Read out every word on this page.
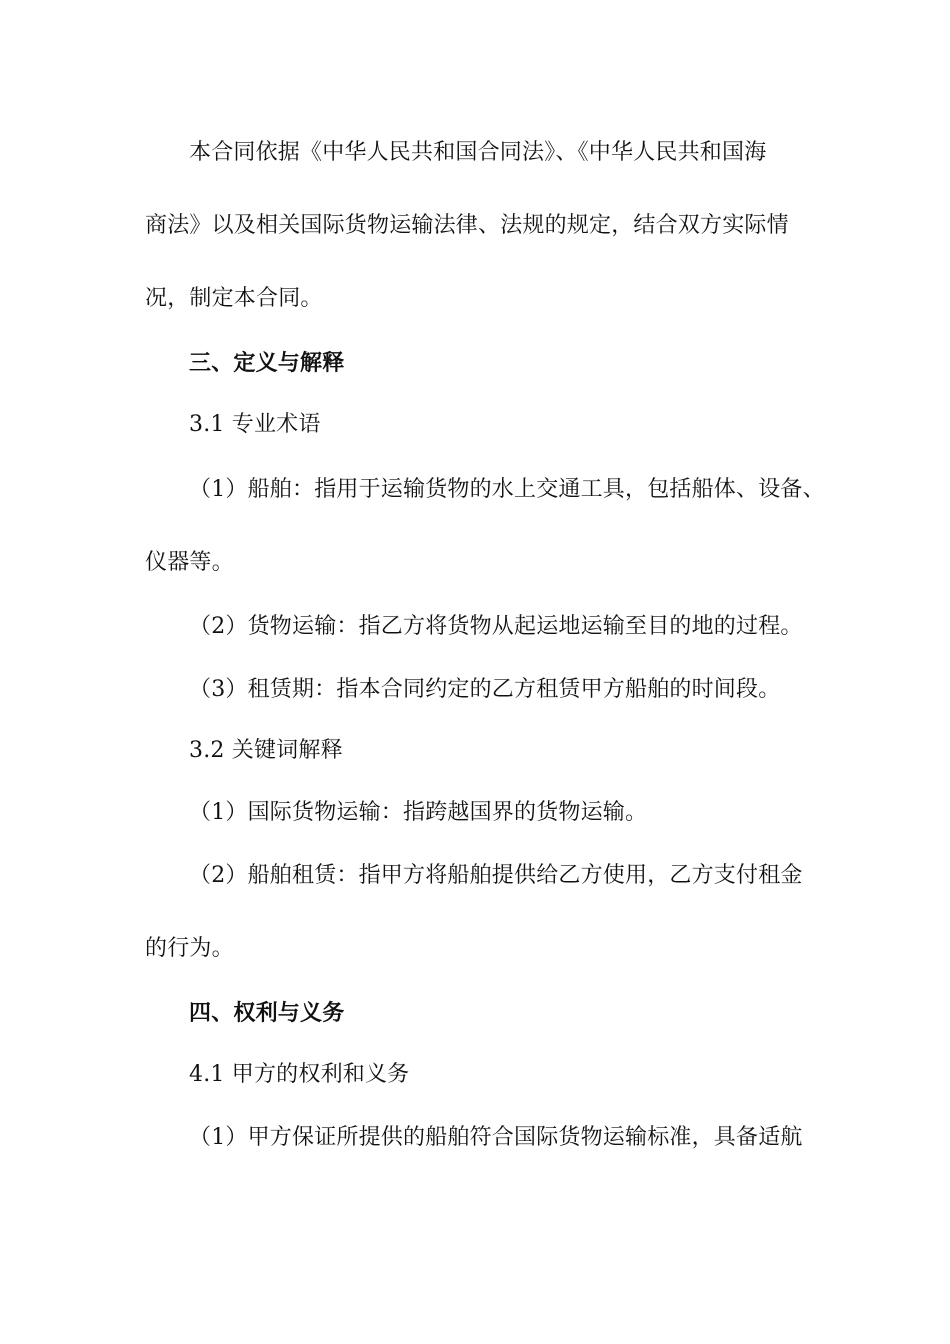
本合同依据《中华人民共和国合同法》、《中华人民共和国海
商法》以及相关国际货物运输法律、法规的规定，结合双方实际情
况，制定本合同。
三、定义与解释
3.1 专业术语
（1）船舶：指用于运输货物的水上交通工具，包括船体、设备、
仪器等。
（2）货物运输：指乙方将货物从起运地运输至目的地的过程。
（3）租赁期：指本合同约定的乙方租赁甲方船舶的时间段。
3.2 关键词解释
（1）国际货物运输：指跨越国界的货物运输。
（2）船舶租赁：指甲方将船舶提供给乙方使用，乙方支付租金
的行为。
四、权利与义务
4.1 甲方的权利和义务
（1）甲方保证所提供的船舶符合国际货物运输标准，具备适航
